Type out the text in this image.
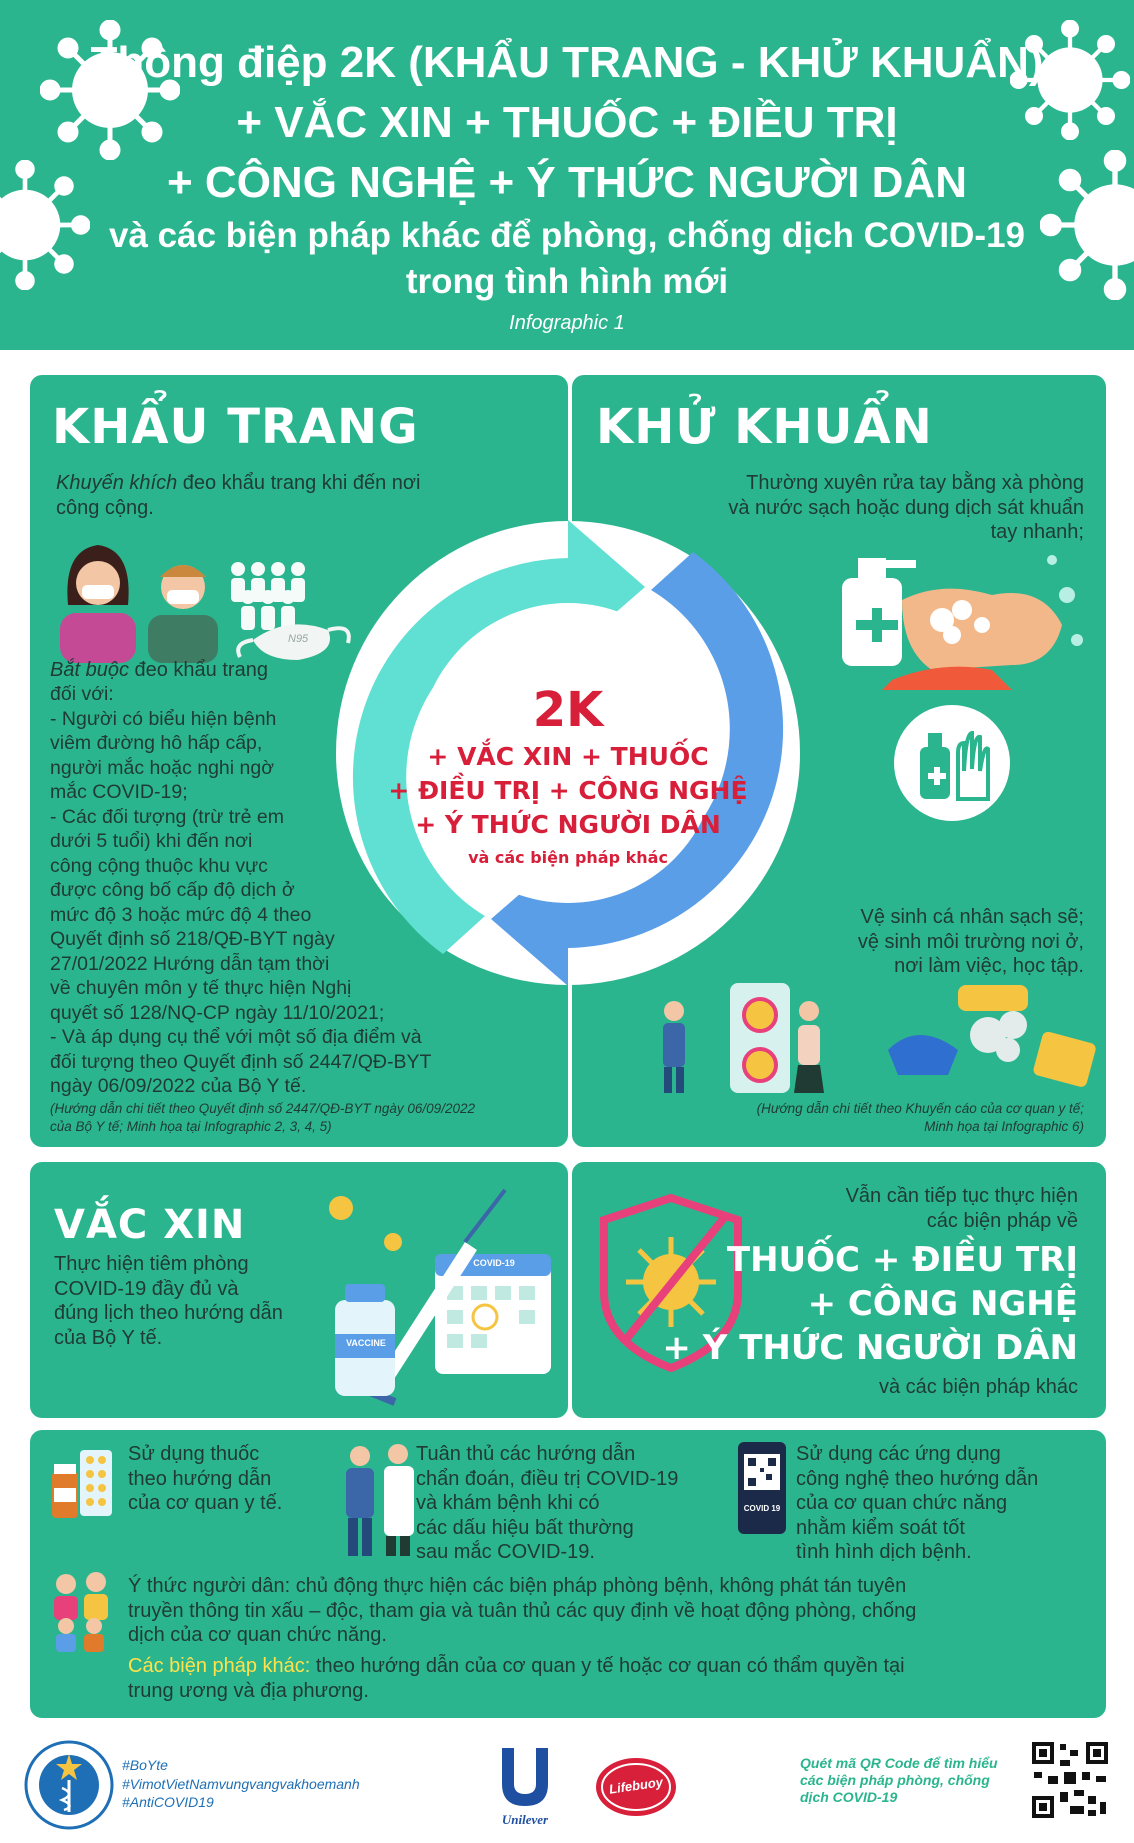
Thông điệp 2K (KHẨU TRANG - KHỬ KHUẨN)
+ VẮC XIN + THUỐC + ĐIỀU TRỊ
+ CÔNG NGHỆ + Ý THỨC NGƯỜI DÂN
và các biện pháp khác để phòng, chống dịch COVID-19
trong tình hình mới
Infographic 1
KHẨU TRANG
Khuyến khích đeo khẩu trang khi đến nơi
công cộng.
N95
Bắt buộc đeo khẩu trang
đối với:
- Người có biểu hiện bệnh
viêm đường hô hấp cấp,
người mắc hoặc nghi ngờ
mắc COVID-19;
- Các đối tượng (trừ trẻ em
dưới 5 tuổi) khi đến nơi
công cộng thuộc khu vực
được công bố cấp độ dịch ở
mức độ 3 hoặc mức độ 4 theo
Quyết định số 218/QĐ-BYT ngày
27/01/2022 Hướng dẫn tạm thời
về chuyên môn y tế thực hiện Nghị
quyết số 128/NQ-CP ngày 11/10/2021;
- Và áp dụng cụ thể với một số địa điểm và
đối tượng theo Quyết định số 2447/QĐ-BYT
ngày 06/09/2022 của Bộ Y tế.
(Hướng dẫn chi tiết theo Quyết định số 2447/QĐ-BYT ngày 06/09/2022
của Bộ Y tế; Minh họa tại Infographic 2, 3, 4, 5)
KHỬ KHUẨN
Thường xuyên rửa tay bằng xà phòng
và nước sạch hoặc dung dịch sát khuẩn
tay nhanh;
Vệ sinh cá nhân sạch sẽ;
vệ sinh môi trường nơi ở,
nơi làm việc, học tập.
(Hướng dẫn chi tiết theo Khuyến cáo của cơ quan y tế;
Minh họa tại Infographic 6)
2K
+ VẮC XIN + THUỐC
+ ĐIỀU TRỊ + CÔNG NGHỆ
+ Ý THỨC NGƯỜI DÂN
và các biện pháp khác
VẮC XIN
Thực hiện tiêm phòng
COVID-19 đầy đủ và
đúng lịch theo hướng dẫn
của Bộ Y tế.	VACCINE
COVID-19
Vẫn cần tiếp tục thực hiện
các biện pháp về
THUỐC + ĐIỀU TRỊ
+ CÔNG NGHỆ
+ Ý THỨC NGƯỜI DÂN
và các biện pháp khác
Sử dụng thuốc
theo hướng dẫn
của cơ quan y tế.
Tuân thủ các hướng dẫn
chẩn đoán, điều trị COVID-19
và khám bệnh khi có
các dấu hiệu bất thường
sau mắc COVID-19.
COVID 19
Sử dụng các ứng dụng
công nghệ theo hướng dẫn
của cơ quan chức năng
nhằm kiểm soát tốt
tình hình dịch bệnh.
Ý thức người dân: chủ động thực hiện các biện pháp phòng bệnh, không phát tán tuyên
truyền thông tin xấu – độc, tham gia và tuân thủ các quy định về hoạt động phòng, chống
dịch của cơ quan chức năng.
Các biện pháp khác: theo hướng dẫn của cơ quan y tế hoặc cơ quan có thẩm quyền tại
trung ương và địa phương.
#BoYte
#VimotVietNamvungvangvakhoemanh
#AntiCOVID19
Unilever
Lifebuoy
Quét mã QR Code để tìm hiểu
các biện pháp phòng, chống
dịch COVID-19
